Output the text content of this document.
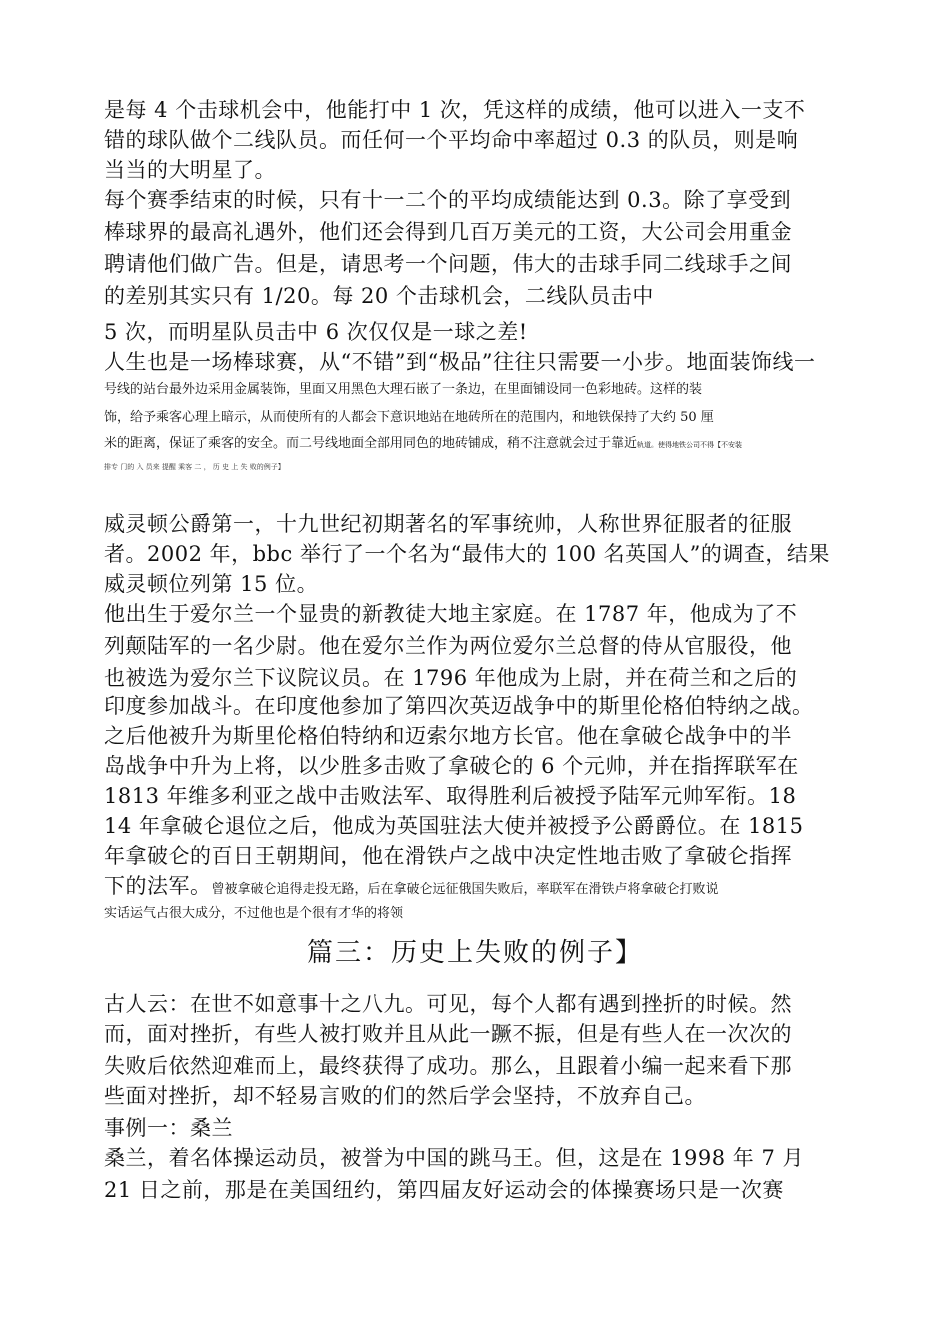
是每 4 个击球机会中，他能打中 1 次，凭这样的成绩，他可以进入一支不
错的球队做个二线队员。而任何一个平均命中率超过 0.3 的队员，则是响
当当的大明星了。
每个赛季结束的时候，只有十一二个的平均成绩能达到 0.3。除了享受到
棒球界的最高礼遇外，他们还会得到几百万美元的工资，大公司会用重金
聘请他们做广告。但是，请思考一个问题，伟大的击球手同二线球手之间
的差别其实只有 1/20。每 20 个击球机会，二线队员击中
5 次，而明星队员击中 6 次仅仅是一球之差!
人生也是一场棒球赛，从“不错”到“极品”往往只需要一小步。地面装饰线一
号线的站台最外边采用金属装饰，里面又用黑色大理石嵌了一条边，在里面铺设同一色彩地砖。这样的装
饰，给予乘客心理上暗示，从而使所有的人都会下意识地站在地砖所在的范围内，和地铁保持了大约 50 厘
米的距离，保证了乘客的安全。而二号线地面全部用同色的地砖铺成，稍不注意就会过于靠近轨道。使得地铁公司不得【不安装
排专 门的 入 员来 提醒 乘客 二 ， 历 史 上 失 败的例子】
威灵顿公爵第一，十九世纪初期著名的军事统帅，人称世界征服者的征服
者。2002 年，bbc 举行了一个名为“最伟大的 100 名英国人”的调查，结果
威灵顿位列第 15 位。
他出生于爱尔兰一个显贵的新教徒大地主家庭。在 1787 年，他成为了不
列颠陆军的一名少尉。他在爱尔兰作为两位爱尔兰总督的侍从官服役，他
也被选为爱尔兰下议院议员。在 1796 年他成为上尉，并在荷兰和之后的
印度参加战斗。在印度他参加了第四次英迈战争中的斯里伦格伯特纳之战。
之后他被升为斯里伦格伯特纳和迈索尔地方长官。他在拿破仑战争中的半
岛战争中升为上将，以少胜多击败了拿破仑的 6 个元帅，并在指挥联军在
1813 年维多利亚之战中击败法军、取得胜利后被授予陆军元帅军衔。18
14 年拿破仑退位之后，他成为英国驻法大使并被授予公爵爵位。在 1815
年拿破仑的百日王朝期间，他在滑铁卢之战中决定性地击败了拿破仑指挥
下的法军。曾被拿破仑追得走投无路，后在拿破仑远征俄国失败后，率联军在滑铁卢将拿破仑打败说
实话运气占很大成分，不过他也是个很有才华的将领
篇三：历史上失败的例子】
古人云：在世不如意事十之八九。可见，每个人都有遇到挫折的时候。然
而，面对挫折，有些人被打败并且从此一蹶不振，但是有些人在一次次的
失败后依然迎难而上，最终获得了成功。那么，且跟着小编一起来看下那
些面对挫折，却不轻易言败的们的然后学会坚持，不放弃自己。
事例一：桑兰
桑兰，着名体操运动员，被誉为中国的跳马王。但，这是在 1998 年 7 月
21 日之前，那是在美国纽约，第四届友好运动会的体操赛场只是一次赛
